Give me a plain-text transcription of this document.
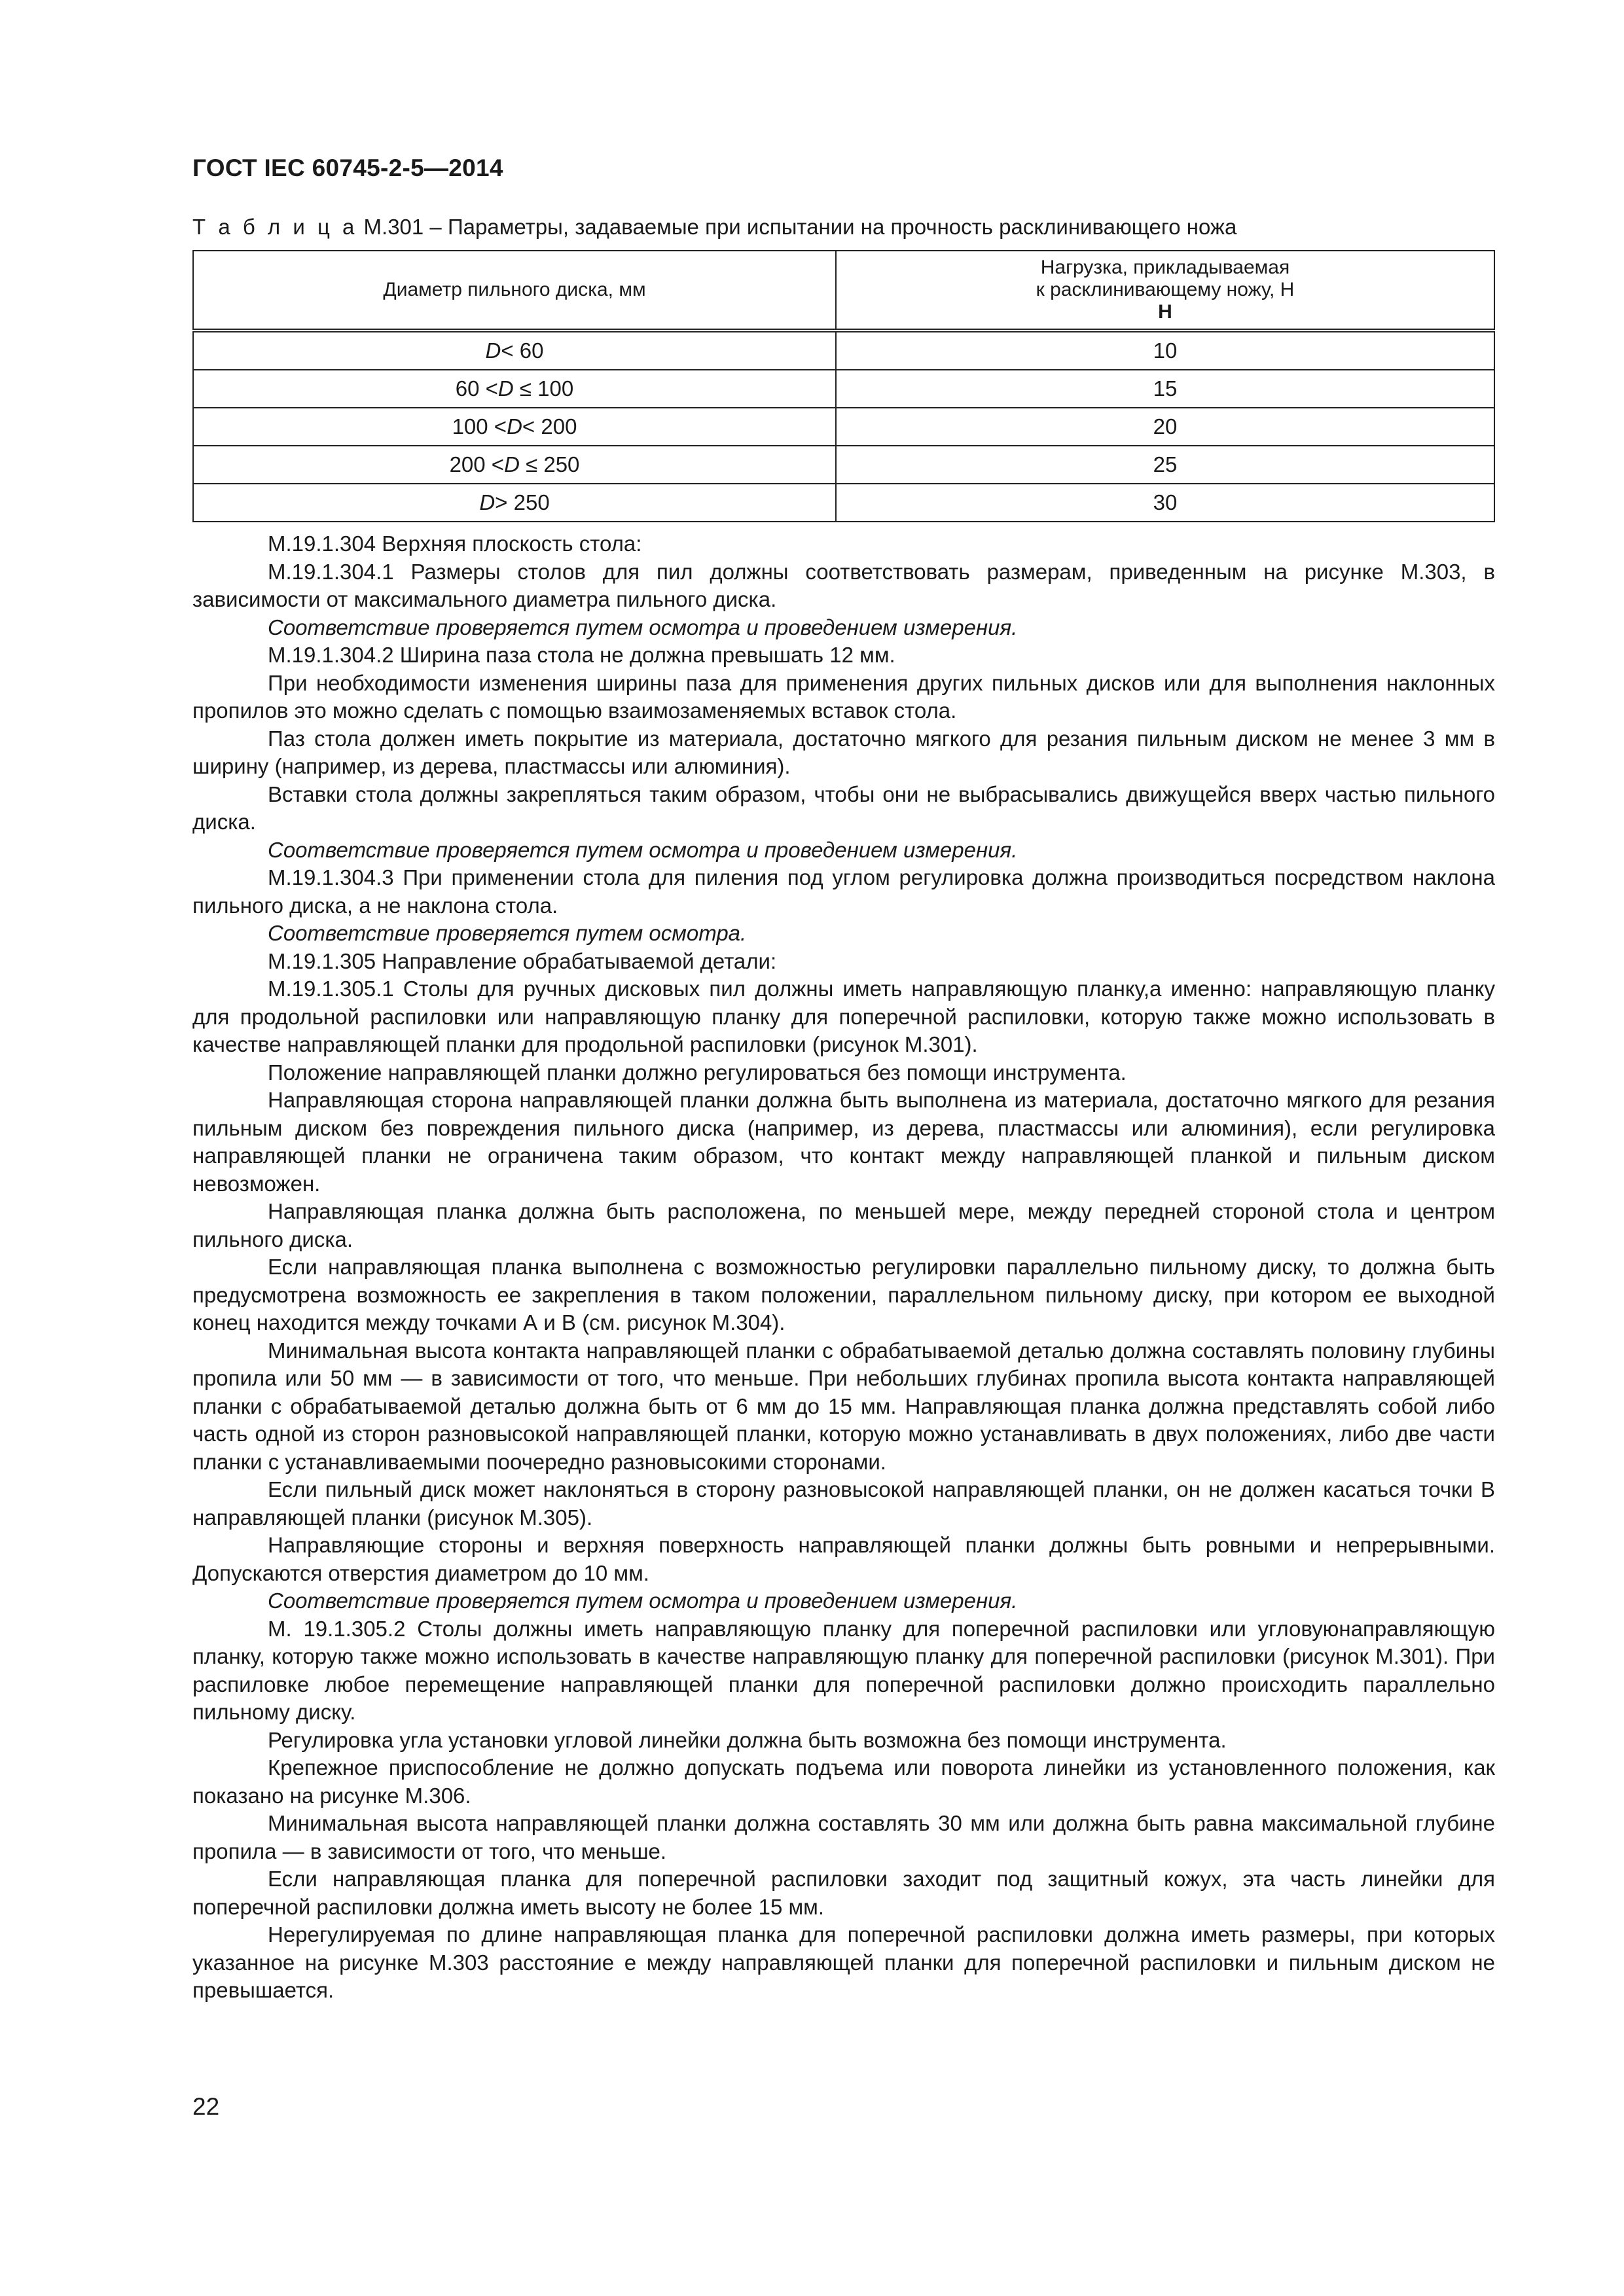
ГОСТ IEC 60745-2-5—2014
Т а б л и ц а М.301 – Параметры, задаваемые при испытании на прочность расклинивающего ножа
Диаметр пильного диска, мм	Нагрузка, прикладываемая
к расклинивающему ножу, Н
Н

D< 60	10
60 <D ≤ 100	15
100 <D< 200	20
200 <D ≤ 250	25
D> 250	30

М.19.1.304 Верхняя плоскость стола:

М.19.1.304.1 Размеры столов для пил должны соответствовать размерам, приведенным на рисунке М.303, в зависимости от максимального диаметра пильного диска.

Соответствие проверяется путем осмотра и проведением измерения.

М.19.1.304.2 Ширина паза стола не должна превышать 12 мм.

При необходимости изменения ширины паза для применения других пильных дисков или для выполнения наклонных пропилов это можно сделать с помощью взаимозаменяемых вставок стола.

Паз стола должен иметь покрытие из материала, достаточно мягкого для резания пильным диском не менее 3 мм в ширину (например, из дерева, пластмассы или алюминия).

Вставки стола должны закрепляться таким образом, чтобы они не выбрасывались движущейся вверх частью пильного диска.

Соответствие проверяется путем осмотра и проведением измерения.

М.19.1.304.3 При применении стола для пиления под углом регулировка должна производиться посредством наклона пильного диска, а не наклона стола.

Соответствие проверяется путем осмотра.

М.19.1.305 Направление обрабатываемой детали:

М.19.1.305.1 Столы для ручных дисковых пил должны иметь направляющую планку,а именно: направляющую планку для продольной распиловки или направляющую планку для поперечной распиловки, которую также можно использовать в качестве направляющей планки для продольной распиловки (рисунок М.301).

Положение направляющей планки должно регулироваться без помощи инструмента.

Направляющая сторона направляющей планки должна быть выполнена из материала, достаточно мягкого для резания пильным диском без повреждения пильного диска (например, из дерева, пластмассы или алюминия), если регулировка направляющей планки не ограничена таким образом, что контакт между направляющей планкой и пильным диском невозможен.

Направляющая планка должна быть расположена, по меньшей мере, между передней стороной стола и центром пильного диска.

Если направляющая планка выполнена с возможностью регулировки параллельно пильному диску, то должна быть предусмотрена возможность ее закрепления в таком положении, параллельном пильному диску, при котором ее выходной конец находится между точками А и В (см. рисунок М.304).

Минимальная высота контакта направляющей планки с обрабатываемой деталью должна составлять половину глубины пропила или 50 мм — в зависимости от того, что меньше. При небольших глубинах пропила высота контакта направляющей планки с обрабатываемой деталью должна быть от 6 мм до 15 мм. Направляющая планка должна представлять собой либо часть одной из сторон разновысокой направляющей планки, которую можно устанавливать в двух положениях, либо две части планки с устанавливаемыми поочередно разновысокими сторонами.

Если пильный диск может наклоняться в сторону разновысокой направляющей планки, он не должен касаться точки В направляющей планки (рисунок М.305).

Направляющие стороны и верхняя поверхность направляющей планки должны быть ровными и непрерывными. Допускаются отверстия диаметром до 10 мм.

Соответствие проверяется путем осмотра и проведением измерения.

М. 19.1.305.2 Столы должны иметь направляющую планку для поперечной распиловки или угловуюнаправляющую планку, которую также можно использовать в качестве направляющую планку для поперечной распиловки (рисунок М.301). При распиловке любое перемещение направляющей планки для поперечной распиловки должно происходить параллельно пильному диску.

Регулировка угла установки угловой линейки должна быть возможна без помощи инструмента.

Крепежное приспособление не должно допускать подъема или поворота линейки из установленного положения, как показано на рисунке М.306.

Минимальная высота направляющей планки должна составлять 30 мм или должна быть равна максимальной глубине пропила — в зависимости от того, что меньше.

Если направляющая планка для поперечной распиловки заходит под защитный кожух, эта часть линейки для поперечной распиловки должна иметь высоту не более 15 мм.

Нерегулируемая по длине направляющая планка для поперечной распиловки должна иметь размеры, при которых указанное на рисунке М.303 расстояние е между направляющей планки для поперечной распиловки и пильным диском не превышается.

22
